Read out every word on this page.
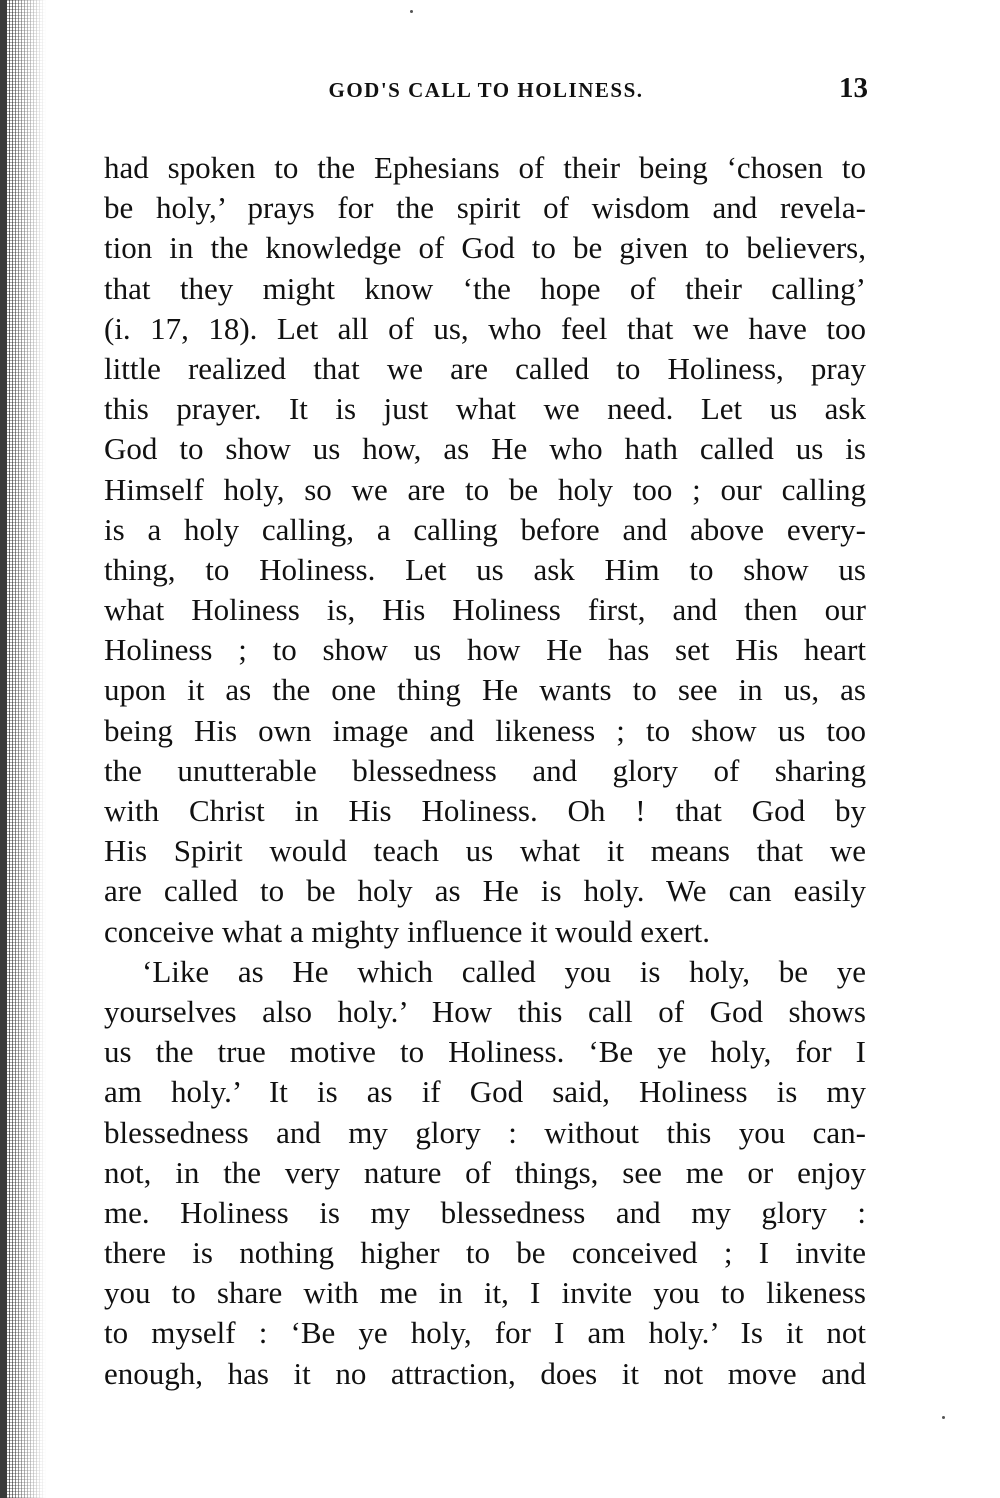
GOD'S CALL TO HOLINESS.	13
had spoken to the Ephesians of their being ‘chosen to
be holy,’ prays for the spirit of wisdom and revela-
tion in the knowledge of God to be given to believers,
that they might know ‘the hope of their calling’
(i. 17, 18). Let all of us, who feel that we have too
little realized that we are called to Holiness, pray
this prayer. It is just what we need. Let us ask
God to show us how, as He who hath called us is
Himself holy, so we are to be holy too ; our calling
is a holy calling, a calling before and above every-
thing, to Holiness. Let us ask Him to show us
what Holiness is, His Holiness first, and then our
Holiness ; to show us how He has set His heart
upon it as the one thing He wants to see in us, as
being His own image and likeness ; to show us too
the unutterable blessedness and glory of sharing
with Christ in His Holiness. Oh ! that God by
His Spirit would teach us what it means that we
are called to be holy as He is holy. We can easily
conceive what a mighty influence it would exert.
‘Like as He which called you is holy, be ye
yourselves also holy.’ How this call of God shows
us the true motive to Holiness. ‘Be ye holy, for I
am holy.’ It is as if God said, Holiness is my
blessedness and my glory : without this you can-
not, in the very nature of things, see me or enjoy
me. Holiness is my blessedness and my glory :
there is nothing higher to be conceived ; I invite
you to share with me in it, I invite you to likeness
to myself : ‘Be ye holy, for I am holy.’ Is it not
enough, has it no attraction, does it not move and
